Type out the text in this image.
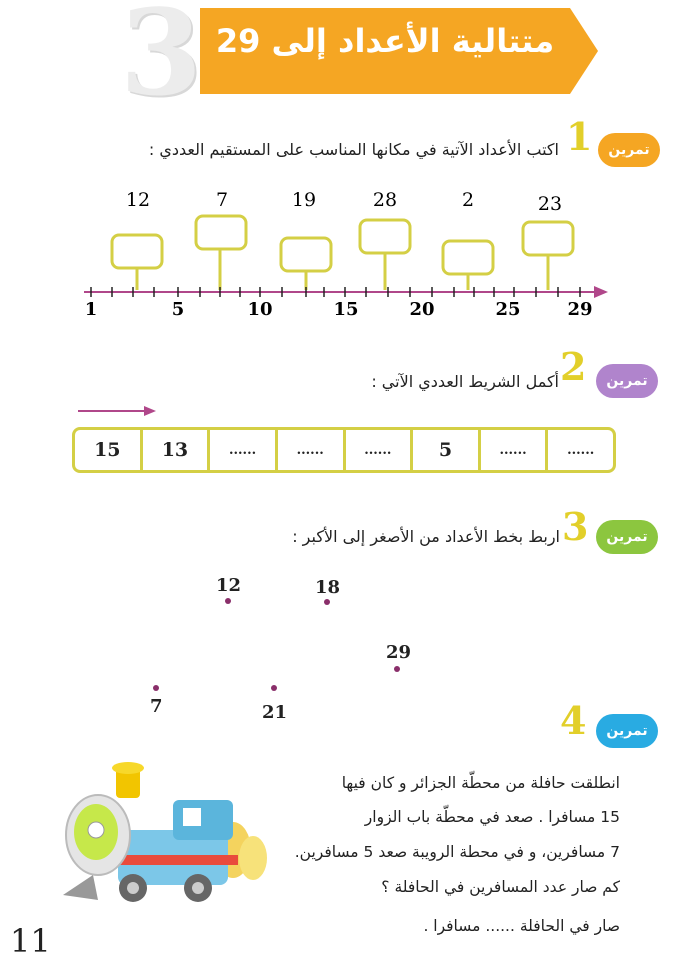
3 متتالية الأعداد إلى 29
تمرين
1
اكتب الأعداد الآتية في مكانها المناسب على المستقيم العددي :
12	7	19	28	2	23
1	5	10	15	20	25	29
تمرين
2
أكمل الشريط العددي الآتي :
15	13	......	......	......	5	......	......
تمرين
3
اربط بخط الأعداد من الأصغر إلى الأكبر :
12	18
29
7	21
تمرين
4
انطلقت حافلة من محطّة الجزائر و كان فيها
15 مسافرا . صعد في محطّة باب الزوار
7 مسافرين، و في محطة الرويبة صعد 5 مسافرين.
كم صار عدد المسافرين في الحافلة ؟
صار في الحافلة ...... مسافرا .
11
